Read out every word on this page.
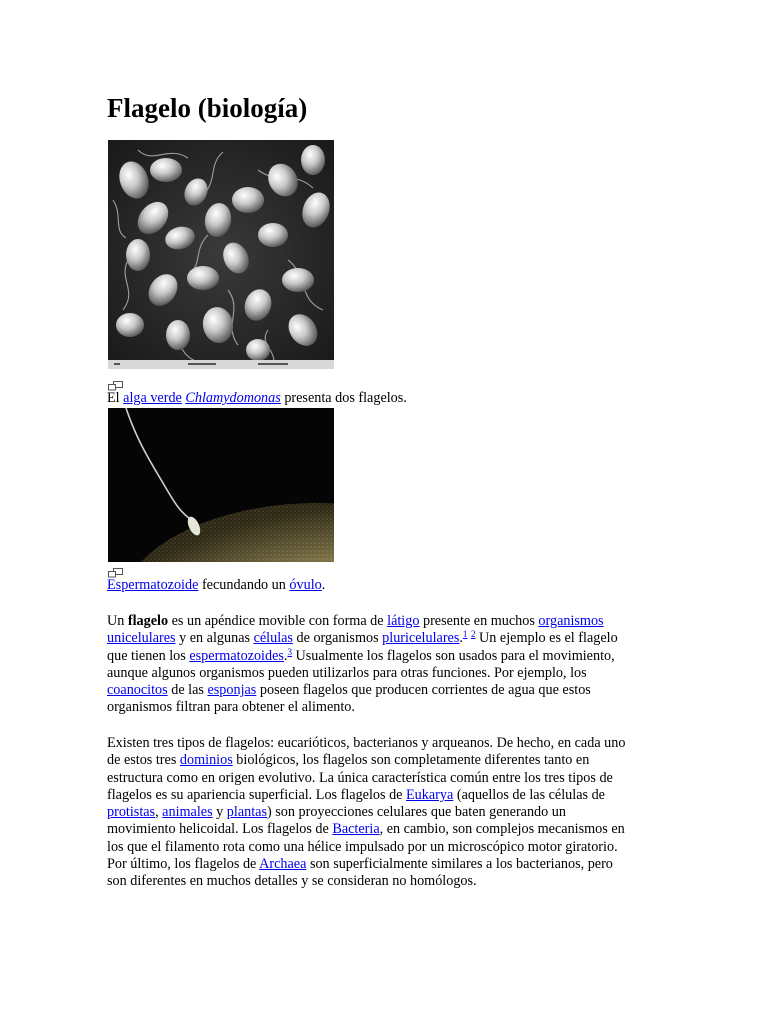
Flagelo (biología)

El alga verde Chlamydomonas presenta dos flagelos.

Espermatozoide fecundando un óvulo.

Un flagelo es un apéndice movible con forma de látigo presente en muchos organismos
unicelulares y en algunas células de organismos pluricelulares.$^1$ $^2$ Un ejemplo es el flagelo
que tienen los espermatozoides.$^3$ Usualmente los flagelos son usados para el movimiento,
aunque algunos organismos pueden utilizarlos para otras funciones. Por ejemplo, los
coanocitos de las esponjas poseen flagelos que producen corrientes de agua que estos
organismos filtran para obtener el alimento.
Existen tres tipos de flagelos: eucarióticos, bacterianos y arqueanos. De hecho, en cada uno
de estos tres dominios biológicos, los flagelos son completamente diferentes tanto en
estructura como en origen evolutivo. La única característica común entre los tres tipos de
flagelos es su apariencia superficial. Los flagelos de Eukarya (aquellos de las células de
protistas, animales y plantas) son proyecciones celulares que baten generando un
movimiento helicoidal. Los flagelos de Bacteria, en cambio, son complejos mecanismos en
los que el filamento rota como una hélice impulsado por un microscópico motor giratorio.
Por último, los flagelos de Archaea son superficialmente similares a los bacterianos, pero
son diferentes en muchos detalles y se consideran no homólogos.
